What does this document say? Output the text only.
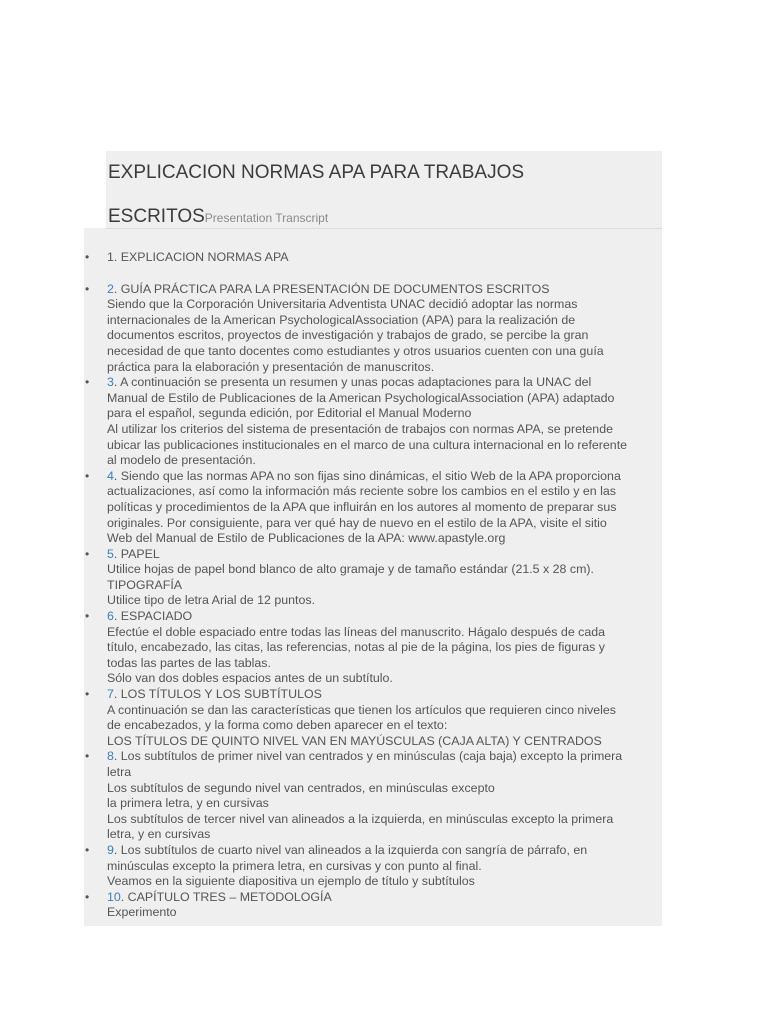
EXPLICACION NORMAS APA PARA TRABAJOS
ESCRITOSPresentation Transcript
• 1. EXPLICACION NORMAS APA
• 2. GUÍA PRÁCTICA PARA LA PRESENTACIÓN DE DOCUMENTOS ESCRITOS
Siendo que la Corporación Universitaria Adventista UNAC decidió adoptar las normas
internacionales de la American PsychologicalAssociation (APA) para la realización de
documentos escritos, proyectos de investigación y trabajos de grado, se percibe la gran
necesidad de que tanto docentes como estudiantes y otros usuarios cuenten con una guía
práctica para la elaboración y presentación de manuscritos.
• 3. A continuación se presenta un resumen y unas pocas adaptaciones para la UNAC del
Manual de Estilo de Publicaciones de la American PsychologicalAssociation (APA) adaptado
para el español, segunda edición, por Editorial el Manual Moderno
Al utilizar los criterios del sistema de presentación de trabajos con normas APA, se pretende
ubicar las publicaciones institucionales en el marco de una cultura internacional en lo referente
al modelo de presentación.
• 4. Siendo que las normas APA no son fijas sino dinámicas, el sitio Web de la APA proporciona
actualizaciones, así como la información más reciente sobre los cambios en el estilo y en las
políticas y procedimientos de la APA que influirán en los autores al momento de preparar sus
originales. Por consiguiente, para ver qué hay de nuevo en el estilo de la APA, visite el sitio
Web del Manual de Estilo de Publicaciones de la APA: www.apastyle.org
• 5. PAPEL
Utilice hojas de papel bond blanco de alto gramaje y de tamaño estándar (21.5 x 28 cm).
TIPOGRAFÍA
Utilice tipo de letra Arial de 12 puntos.
• 6. ESPACIADO
Efectúe el doble espaciado entre todas las líneas del manuscrito. Hágalo después de cada
título, encabezado, las citas, las referencias, notas al pie de la página, los pies de figuras y
todas las partes de las tablas.
Sólo van dos dobles espacios antes de un subtítulo.
• 7. LOS TÍTULOS Y LOS SUBTÍTULOS
A continuación se dan las características que tienen los artículos que requieren cinco niveles
de encabezados, y la forma como deben aparecer en el texto:
LOS TÍTULOS DE QUINTO NIVEL VAN EN MAYÚSCULAS (CAJA ALTA) Y CENTRADOS
• 8. Los subtítulos de primer nivel van centrados y en minúsculas (caja baja) excepto la primera
letra
Los subtítulos de segundo nivel van centrados, en minúsculas excepto
la primera letra, y en cursivas
Los subtítulos de tercer nivel van alineados a la izquierda, en minúsculas excepto la primera
letra, y en cursivas
• 9. Los subtítulos de cuarto nivel van alineados a la izquierda con sangría de párrafo, en
minúsculas excepto la primera letra, en cursivas y con punto al final.
Veamos en la siguiente diapositiva un ejemplo de título y subtítulos
• 10. CAPÍTULO TRES – METODOLOGÍA
Experimento
